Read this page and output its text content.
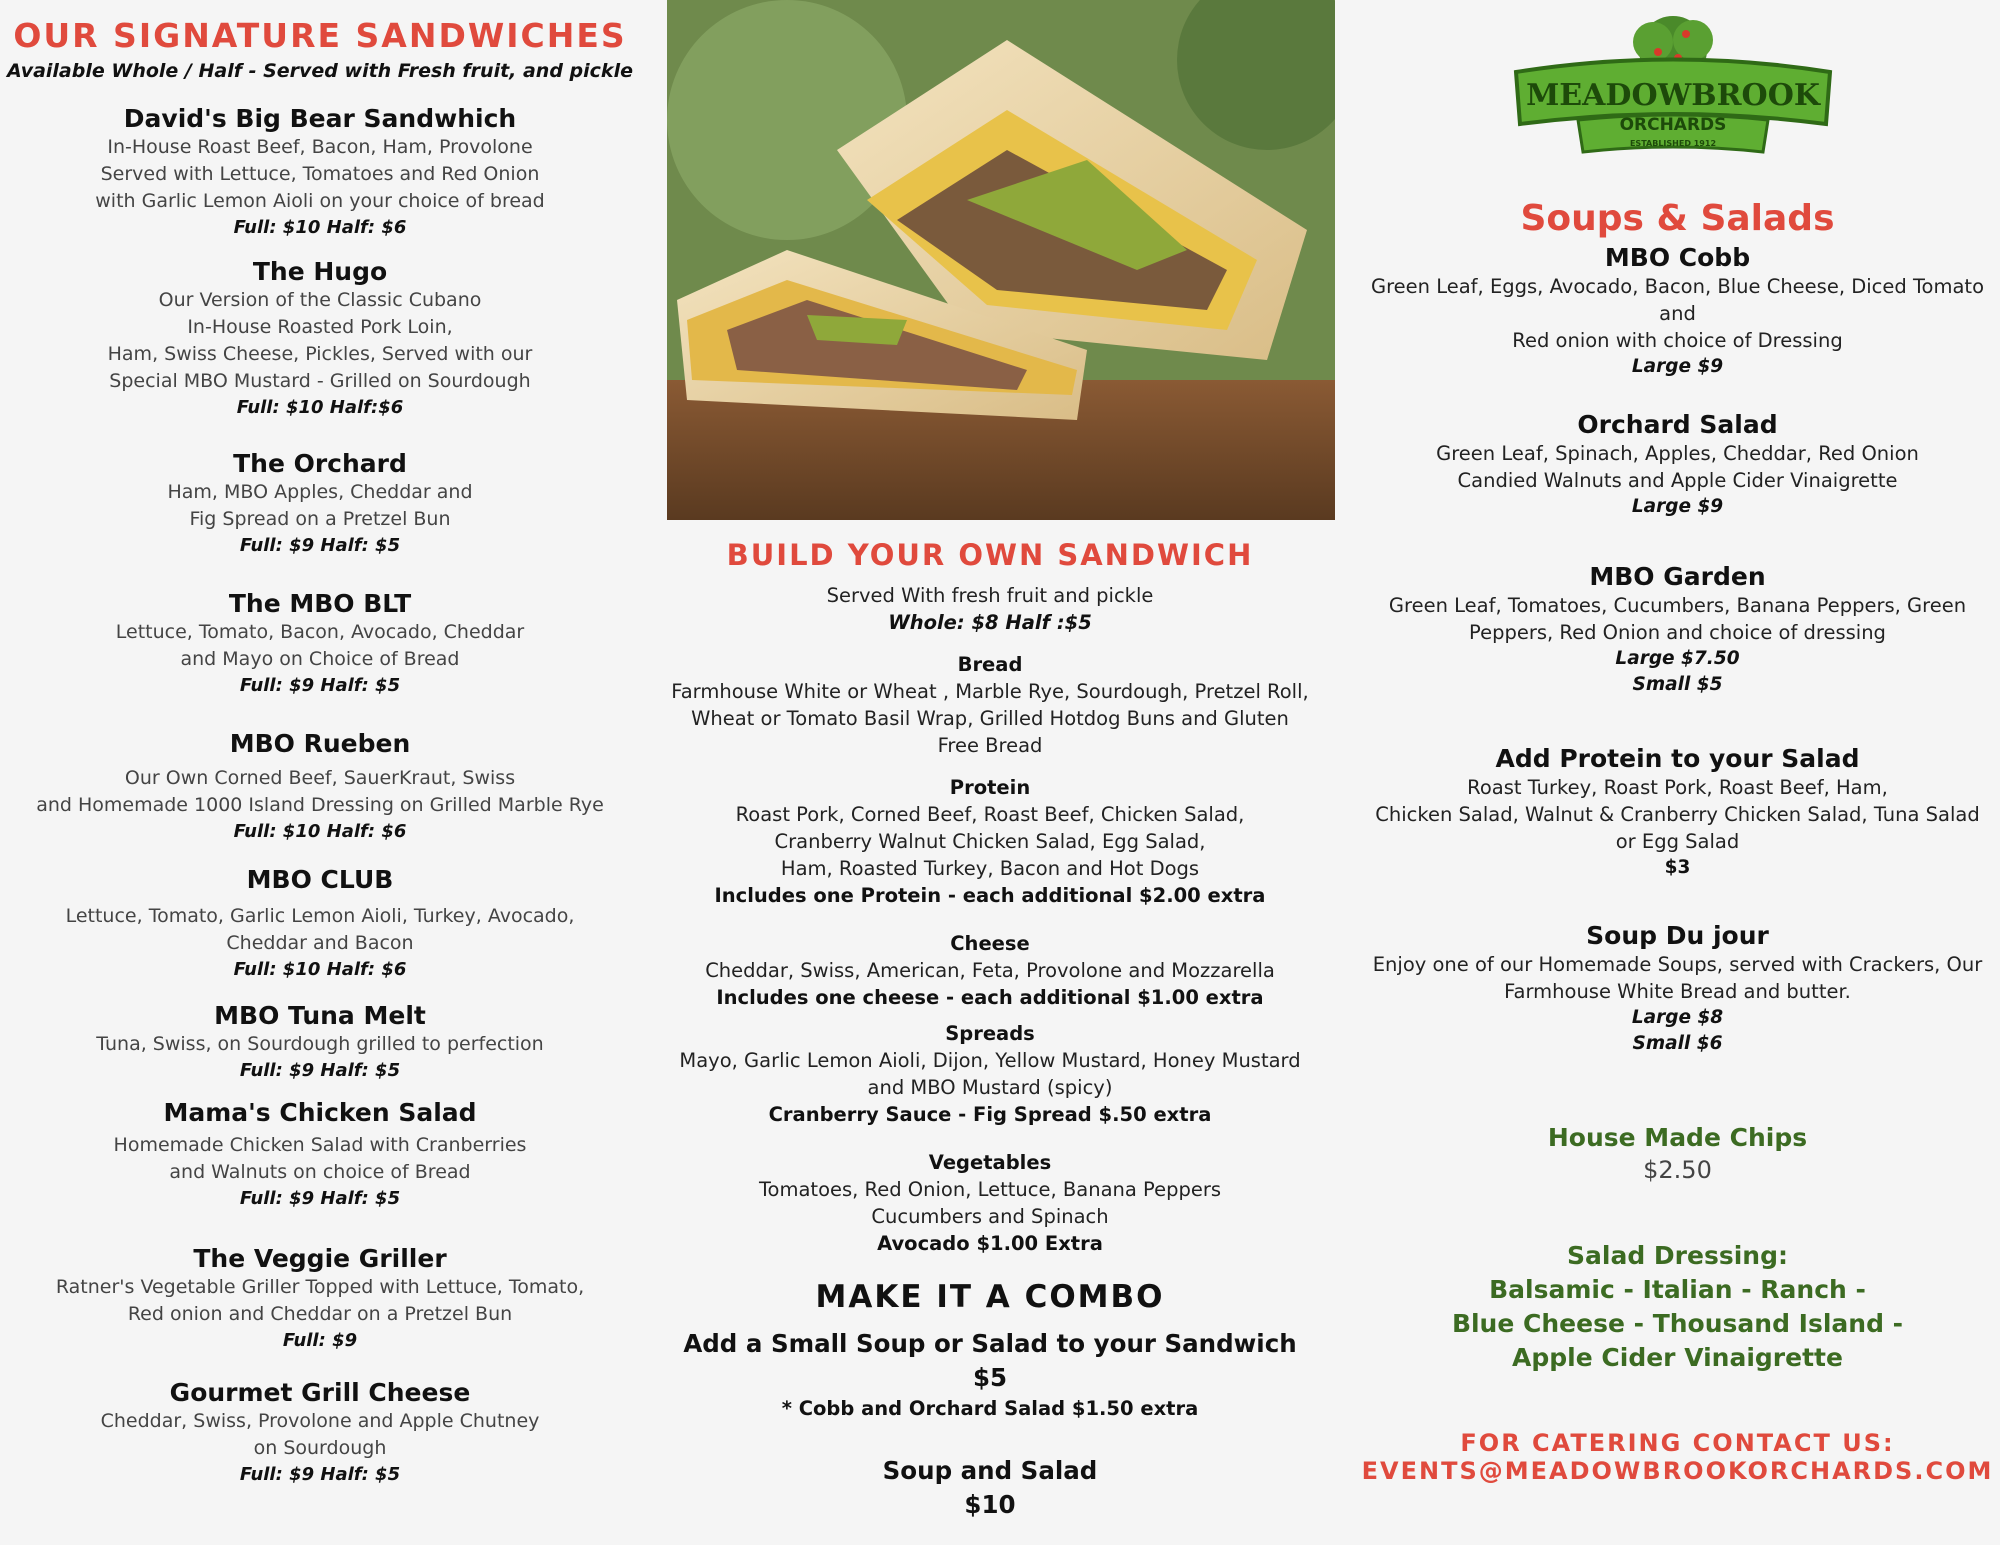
OUR SIGNATURE SANDWICHES
Available Whole / Half - Served with Fresh fruit, and pickle
David's Big Bear Sandwhich
In-House Roast Beef, Bacon, Ham, Provolone
Served with Lettuce, Tomatoes and Red Onion
with Garlic Lemon Aioli on your choice of bread
Full: $10 Half: $6
The Hugo
Our Version of the Classic Cubano
In-House Roasted Pork Loin,
Ham, Swiss Cheese, Pickles, Served with our
Special MBO Mustard - Grilled on Sourdough
Full: $10 Half:$6
The Orchard
Ham, MBO Apples, Cheddar and
Fig Spread on a Pretzel Bun
Full: $9 Half: $5
The MBO BLT
Lettuce, Tomato, Bacon, Avocado, Cheddar
and Mayo on Choice of Bread
Full: $9 Half: $5
MBO Rueben
Our Own Corned Beef, SauerKraut, Swiss
and Homemade 1000 Island Dressing on Grilled Marble Rye
Full: $10 Half: $6
MBO CLUB
Lettuce, Tomato, Garlic Lemon Aioli, Turkey, Avocado,
Cheddar and Bacon
Full: $10 Half: $6
MBO Tuna Melt
Tuna, Swiss, on Sourdough grilled to perfection
Full: $9 Half: $5
Mama's Chicken Salad
Homemade Chicken Salad with Cranberries
and Walnuts on choice of Bread
Full: $9 Half: $5
The Veggie Griller
Ratner's Vegetable Griller Topped with Lettuce, Tomato,
Red onion and Cheddar on a Pretzel Bun
Full: $9
Gourmet Grill Cheese
Cheddar, Swiss, Provolone and Apple Chutney
on Sourdough
Full: $9 Half: $5
BUILD YOUR OWN SANDWICH
Served With fresh fruit and pickle
Whole: $8 Half :$5
Bread
Farmhouse White or Wheat , Marble Rye, Sourdough, Pretzel Roll,
Wheat or Tomato Basil Wrap, Grilled Hotdog Buns and Gluten
Free Bread
Protein
Roast Pork, Corned Beef, Roast Beef, Chicken Salad,
Cranberry Walnut Chicken Salad, Egg Salad,
Ham, Roasted Turkey, Bacon and Hot Dogs
Includes one Protein - each additional $2.00 extra
Cheese
Cheddar, Swiss, American, Feta, Provolone and Mozzarella
Includes one cheese - each additional $1.00 extra
Spreads
Mayo, Garlic Lemon Aioli, Dijon, Yellow Mustard, Honey Mustard
and MBO Mustard (spicy)
Cranberry Sauce - Fig Spread $.50 extra
Vegetables
Tomatoes, Red Onion, Lettuce, Banana Peppers
Cucumbers and Spinach
Avocado $1.00 Extra
MAKE IT A COMBO
Add a Small Soup or Salad to your Sandwich
$5
* Cobb and Orchard Salad $1.50 extra
Soup and Salad
$10
MEADOWBROOK
ORCHARDS
ESTABLISHED 1912
Soups & Salads
MBO Cobb
Green Leaf, Eggs, Avocado, Bacon, Blue Cheese, Diced Tomato and
Red onion with choice of Dressing
Large $9
Orchard Salad
Green Leaf, Spinach, Apples, Cheddar, Red Onion
Candied Walnuts and Apple Cider Vinaigrette
Large $9
MBO Garden
Green Leaf, Tomatoes, Cucumbers, Banana Peppers, Green
Peppers, Red Onion and choice of dressing
Large $7.50
Small $5
Add Protein to your Salad
Roast Turkey, Roast Pork, Roast Beef, Ham,
Chicken Salad, Walnut & Cranberry Chicken Salad, Tuna Salad
or Egg Salad
$3
Soup Du jour
Enjoy one of our Homemade Soups, served with Crackers, Our
Farmhouse White Bread and butter.
Large $8
Small $6
House Made Chips
$2.50
Salad Dressing:
Balsamic - Italian - Ranch -
Blue Cheese - Thousand Island -
Apple Cider Vinaigrette
FOR CATERING CONTACT US:
EVENTS@MEADOWBROOKORCHARDS.COM
